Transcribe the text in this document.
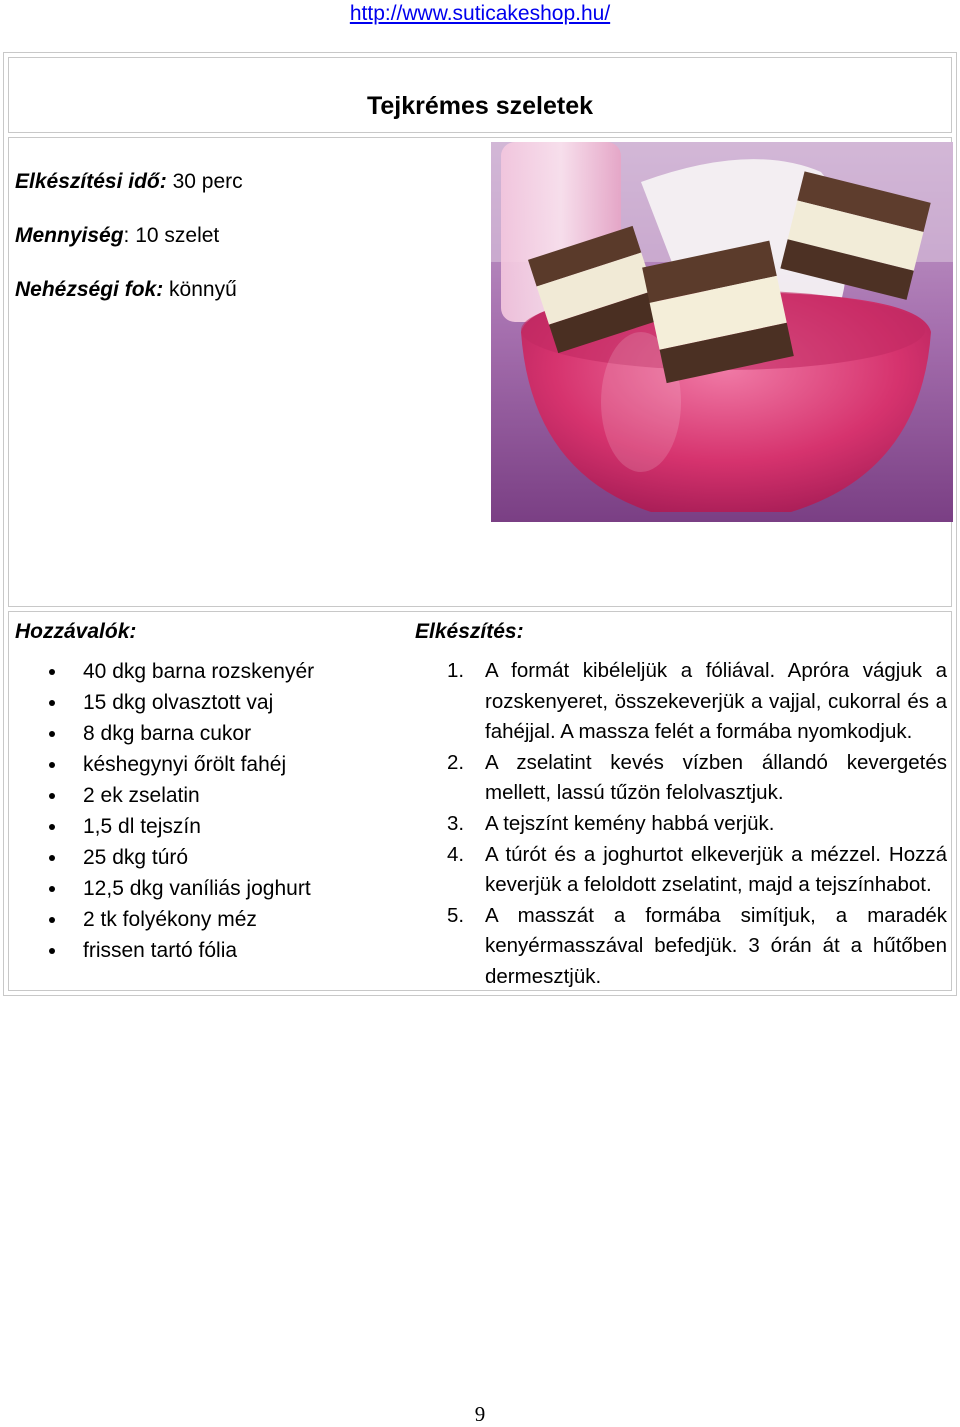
http://www.suticakeshop.hu/
Tejkrémes szeletek
Elkészítési idő: 30 perc
Mennyiség: 10 szelet
Nehézségi fok: könnyű
Hozzávalók:
40 dkg barna rozskenyér
15 dkg olvasztott vaj
8 dkg barna cukor
késhegynyi őrölt fahéj
2 ek zselatin
1,5 dl tejszín
25 dkg túró
12,5 dkg vaníliás joghurt
2 tk folyékony méz
frissen tartó fólia
Elkészítés:
1. A formát kibéleljük a fóliával. Apróra vágjuk a rozskenyeret, összekeverjük a vajjal, cukorral és a fahéjjal. A massza felét a formába nyomkodjuk.
2. A zselatint kevés vízben állandó kevergetés mellett, lassú tűzön felolvasztjuk.
3. A tejszínt kemény habbá verjük.
4. A túrót és a joghurtot elkeverjük a mézzel. Hozzá keverjük a feloldott zselatint, majd a tejszínhabot.
5. A masszát a formába simítjuk, a maradék kenyérmasszával befedjük. 3 órán át a hűtőben dermesztjük.
9
